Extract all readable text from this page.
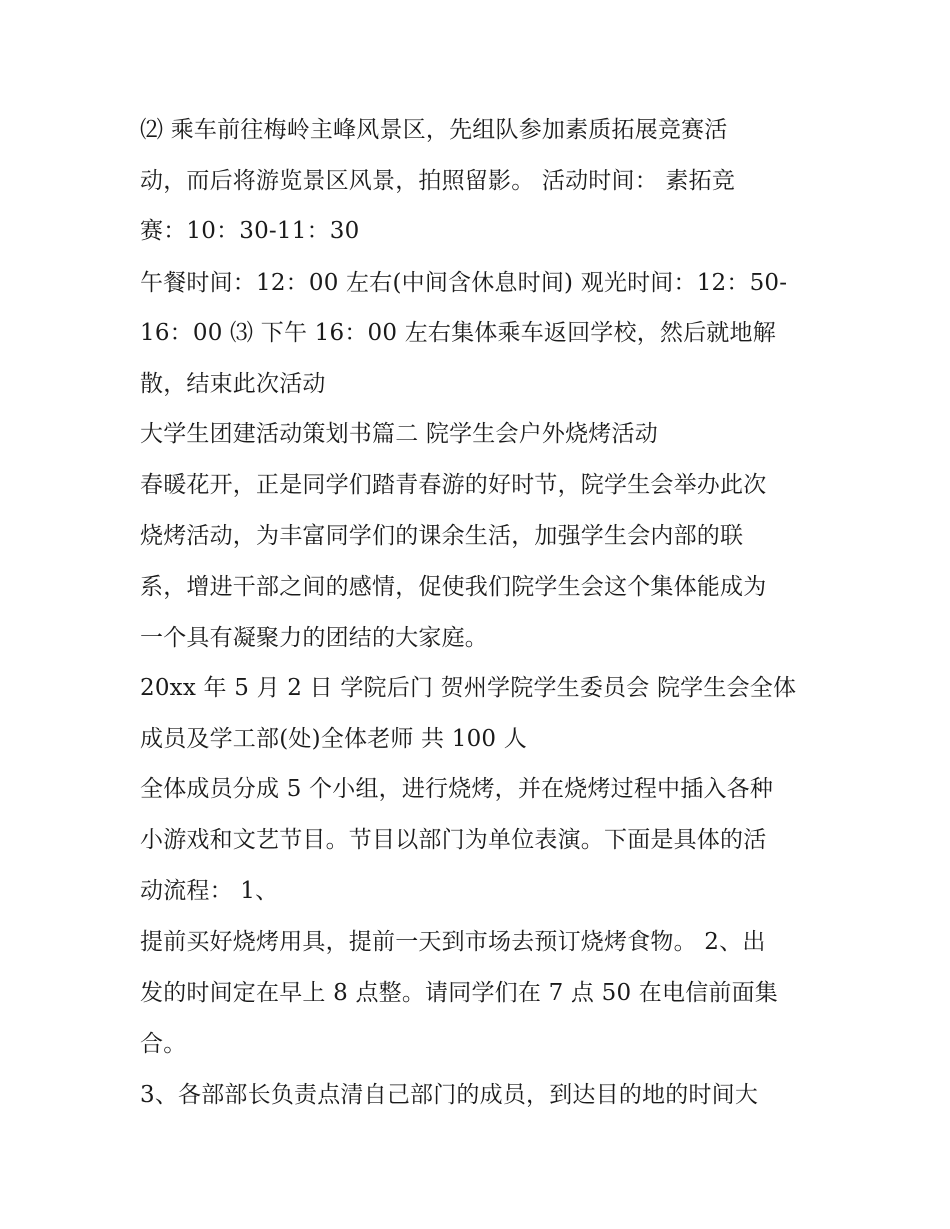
⑵ 乘车前往梅岭主峰风景区，先组队参加素质拓展竞赛活
动，而后将游览景区风景，拍照留影。 活动时间： 素拓竞
赛：10：30-11：30
午餐时间：12：00 左右(中间含休息时间) 观光时间：12：50-
16：00 ⑶ 下午 16：00 左右集体乘车返回学校，然后就地解
散，结束此次活动
大学生团建活动策划书篇二 院学生会户外烧烤活动
春暖花开，正是同学们踏青春游的好时节，院学生会举办此次
烧烤活动，为丰富同学们的课余生活，加强学生会内部的联
系，增进干部之间的感情，促使我们院学生会这个集体能成为
一个具有凝聚力的团结的大家庭。
20xx 年 5 月 2 日 学院后门 贺州学院学生委员会 院学生会全体
成员及学工部(处)全体老师 共 100 人
全体成员分成 5 个小组，进行烧烤，并在烧烤过程中插入各种
小游戏和文艺节目。节目以部门为单位表演。下面是具体的活
动流程： 1、
提前买好烧烤用具，提前一天到市场去预订烧烤食物。 2、出
发的时间定在早上 8 点整。请同学们在 7 点 50 在电信前面集
合。
3、各部部长负责点清自己部门的成员，到达目的地的时间大
